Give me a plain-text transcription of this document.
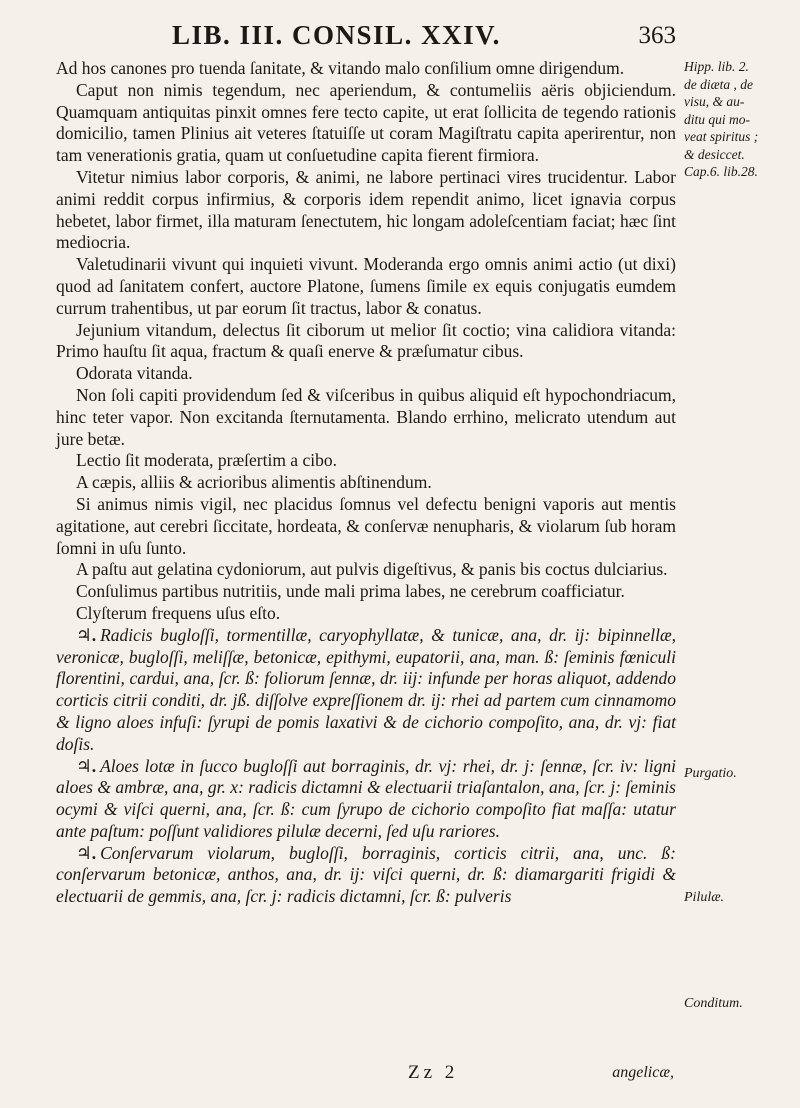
LIB. III. CONSIL. XXIV.	363
Hipp. lib. 2.
de diæta , de
visu, & au-
ditu qui mo-
veat spiritus ;
& desiccet.
Cap.6. lib.28.
Purgatio.
Pilulæ.
Conditum.

Ad hos canones pro tuenda ſanitate, & vitando malo conſilium omne dirigendum.

Caput non nimis tegendum, nec aperiendum, & contumeliis aëris objiciendum. Quamquam antiquitas pinxit omnes fere tecto capite, ut erat ſollicita de tegendo rationis domicilio, tamen Plinius ait veteres ſtatuiſſe ut coram Magiſtratu capita aperirentur, non tam venerationis gratia, quam ut conſuetudine capita fierent firmiora.

Vitetur nimius labor corporis, & animi, ne labore pertinaci vires trucidentur. Labor animi reddit corpus infirmius, & corporis idem rependit animo, licet ignavia corpus hebetet, labor firmet, illa maturam ſenectutem, hic longam adoleſcentiam faciat; hæc ſint mediocria.

Valetudinarii vivunt qui inquieti vivunt. Moderanda ergo omnis animi actio (ut dixi) quod ad ſanitatem confert, auctore Platone, ſumens ſimile ex equis conjugatis eumdem currum trahentibus, ut par eorum ſit tractus, labor & conatus.

Jejunium vitandum, delectus ſit ciborum ut melior ſit coctio; vina calidiora vitanda: Primo hauſtu ſit aqua, fractum & quaſi enerve & præſumatur cibus.

Odorata vitanda.

Non ſoli capiti providendum ſed & viſceribus in quibus aliquid eſt hypochondriacum, hinc teter vapor. Non excitanda ſternutamenta. Blando errhino, melicrato utendum aut jure betæ.

Lectio ſit moderata, præſertim a cibo.

A cæpis, alliis & acrioribus alimentis abſtinendum.

Si animus nimis vigil, nec placidus ſomnus vel defectu benigni vaporis aut mentis agitatione, aut cerebri ſiccitate, hordeata, & conſervæ nenupharis, & violarum ſub horam ſomni in uſu ſunto.

A paſtu aut gelatina cydoniorum, aut pulvis digeſtivus, & panis bis coctus dulciarius.

Conſulimus partibus nutritiis, unde mali prima labes, ne cerebrum coafficiatur.

Clyſterum frequens uſus eſto.

♃. Radicis bugloſſi, tormentillæ, caryophyllatæ, & tunicæ, ana, dr. ij: bipinnellæ, veronicæ, bugloſſi, meliſſæ, betonicæ, epithymi, eupatorii, ana, man. ß: ſeminis fœniculi florentini, cardui, ana, ſcr. ß: foliorum ſennæ, dr. iij: infunde per horas aliquot, addendo corticis citrii conditi, dr. jß. diſſolve expreſſionem dr. ij: rhei ad partem cum cinnamomo & ligno aloes infuſi: ſyrupi de pomis laxativi & de cichorio compoſito, ana, dr. vj: fiat doſis.

♃. Aloes lotæ in ſucco bugloſſi aut borraginis, dr. vj: rhei, dr. j: ſennæ, ſcr. iv: ligni aloes & ambræ, ana, gr. x: radicis dictamni & electuarii triaſantalon, ana, ſcr. j: ſeminis ocymi & viſci querni, ana, ſcr. ß: cum ſyrupo de cichorio compoſito fiat maſſa: utatur ante paſtum: poſſunt validiores pilulæ decerni, ſed uſu rariores.

♃. Conſervarum violarum, bugloſſi, borraginis, corticis citrii, ana, unc. ß: conſervarum betonicæ, anthos, ana, dr. ij: viſci querni, dr. ß: diamargariti frigidi & electuarii de gemmis, ana, ſcr. j: radicis dictamni, ſcr. ß: pulveris

Zz 2	angelicæ,
